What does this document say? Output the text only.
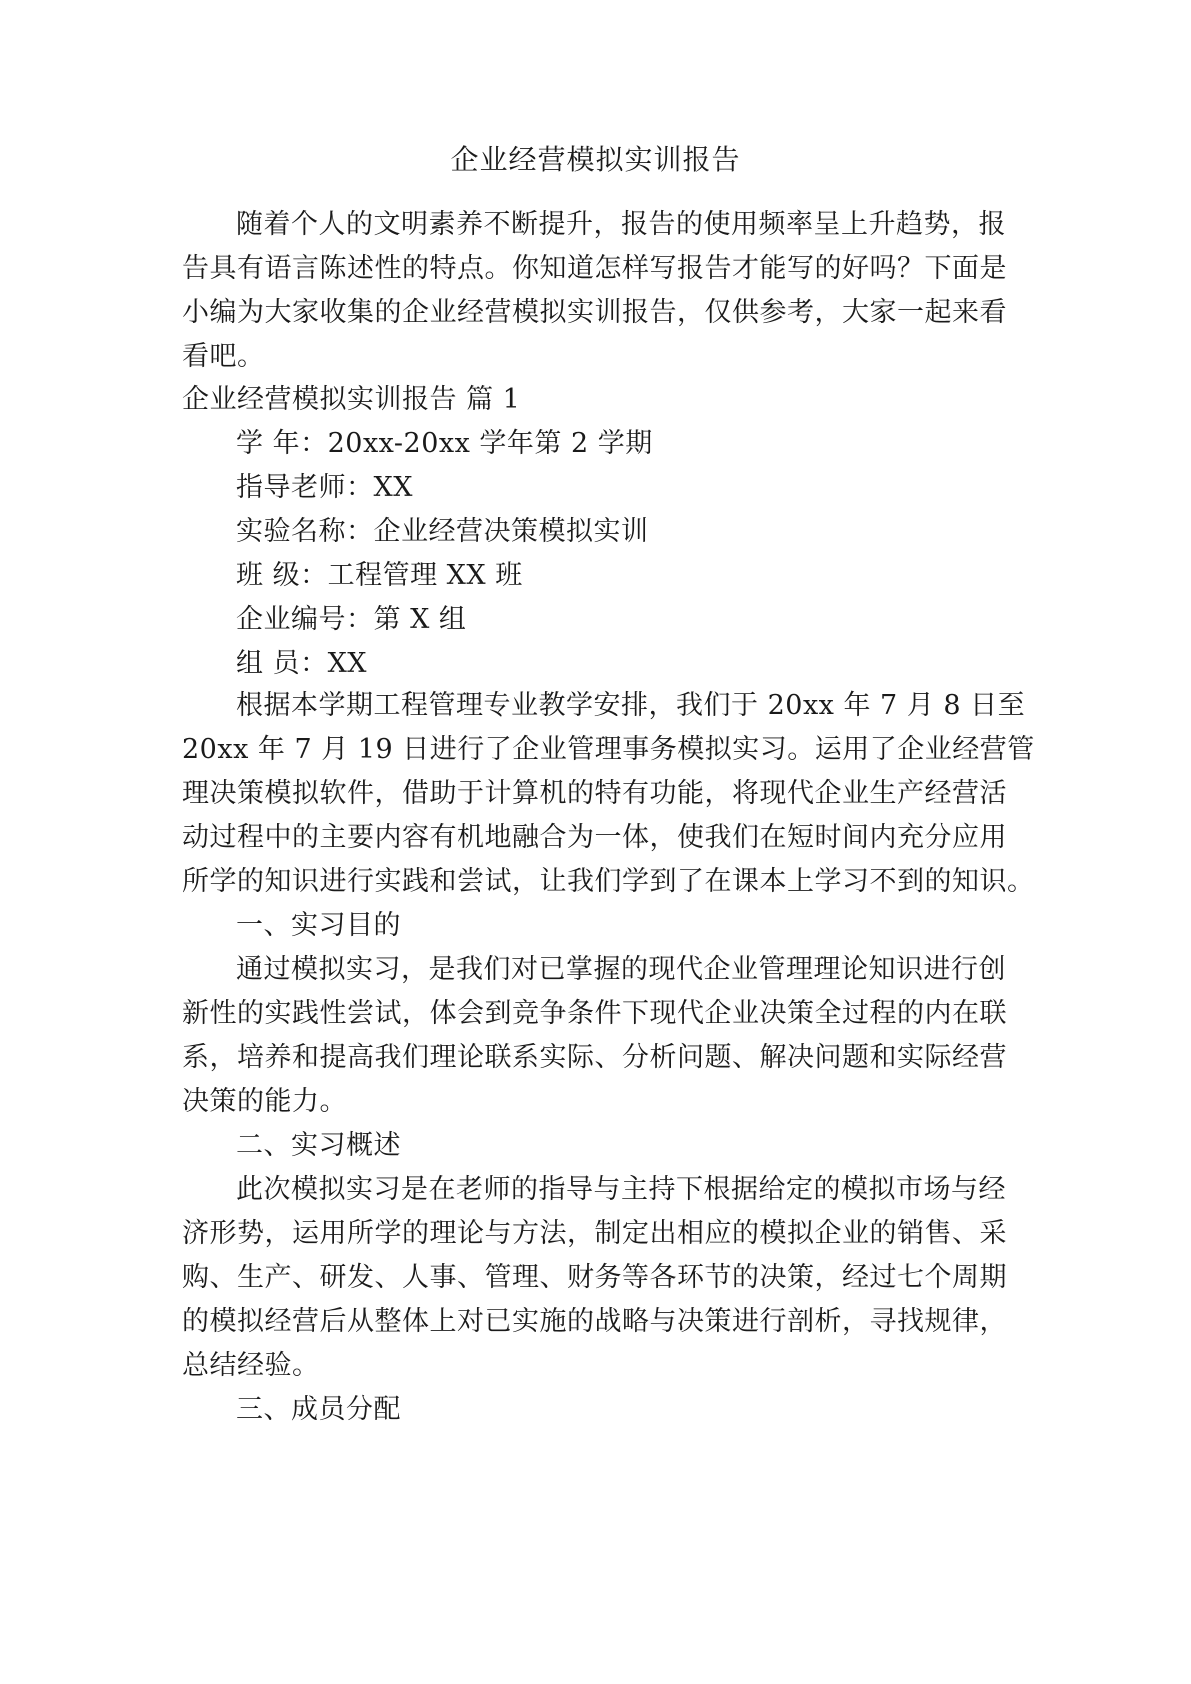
企业经营模拟实训报告
随着个人的文明素养不断提升，报告的使用频率呈上升趋势，报
告具有语言陈述性的特点。你知道怎样写报告才能写的好吗？下面是
小编为大家收集的企业经营模拟实训报告，仅供参考，大家一起来看
看吧。
企业经营模拟实训报告 篇 1
学 年：20xx-20xx 学年第 2 学期
指导老师：XX
实验名称：企业经营决策模拟实训
班 级：工程管理 XX 班
企业编号：第 X 组
组 员：XX
根据本学期工程管理专业教学安排，我们于 20xx 年 7 月 8 日至
20xx 年 7 月 19 日进行了企业管理事务模拟实习。运用了企业经营管
理决策模拟软件，借助于计算机的特有功能，将现代企业生产经营活
动过程中的主要内容有机地融合为一体，使我们在短时间内充分应用
所学的知识进行实践和尝试，让我们学到了在课本上学习不到的知识。
一、实习目的
通过模拟实习，是我们对已掌握的现代企业管理理论知识进行创
新性的实践性尝试，体会到竞争条件下现代企业决策全过程的内在联
系，培养和提高我们理论联系实际、分析问题、解决问题和实际经营
决策的能力。
二、实习概述
此次模拟实习是在老师的指导与主持下根据给定的模拟市场与经
济形势，运用所学的理论与方法，制定出相应的模拟企业的销售、采
购、生产、研发、人事、管理、财务等各环节的决策，经过七个周期
的模拟经营后从整体上对已实施的战略与决策进行剖析，寻找规律，
总结经验。
三、成员分配
